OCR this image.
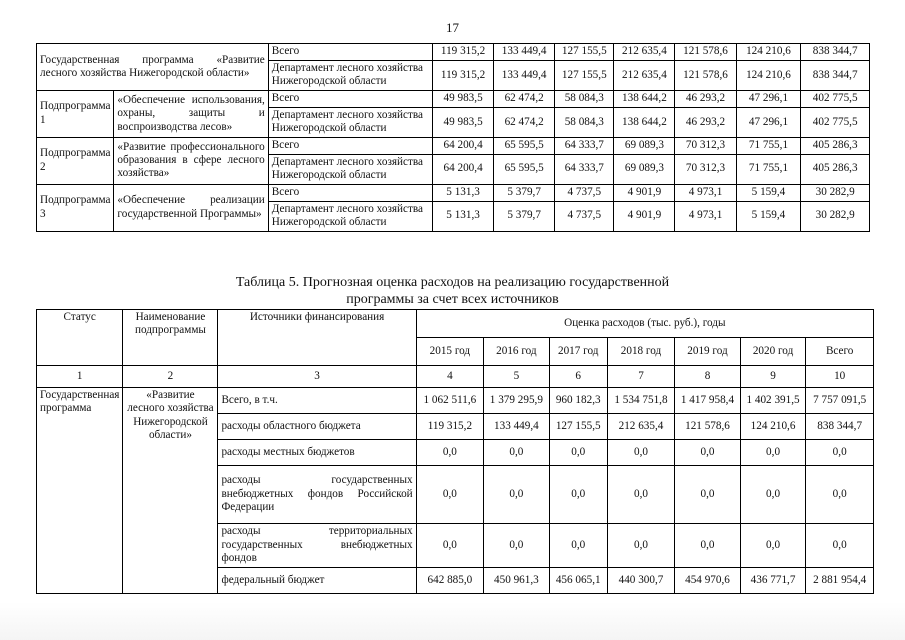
17
Государственная программа «Развитие лесного хозяйства Нижегородской области»		Всего	119 315,2	133 449,4	127 155,5	212 635,4	121 578,6	124 210,6	838 344,7
		Департамент лесного хозяйства Нижегородской области	119 315,2	133 449,4	127 155,5	212 635,4	121 578,6	124 210,6	838 344,7
Подпрограмма 1	«Обеспечение использования, охраны, защиты и воспроизводства лесов»	Всего	49 983,5	62 474,2	58 084,3	138 644,2	46 293,2	47 296,1	402 775,5
		Департамент лесного хозяйства Нижегородской области	49 983,5	62 474,2	58 084,3	138 644,2	46 293,2	47 296,1	402 775,5
Подпрограмма 2	«Развитие профессионального образования в сфере лесного хозяйства»	Всего	64 200,4	65 595,5	64 333,7	69 089,3	70 312,3	71 755,1	405 286,3
		Департамент лесного хозяйства Нижегородской области	64 200,4	65 595,5	64 333,7	69 089,3	70 312,3	71 755,1	405 286,3
Подпрограмма 3	«Обеспечение реализации государственной Программы»	Всего	5 131,3	5 379,7	4 737,5	4 901,9	4 973,1	5 159,4	30 282,9
		Департамент лесного хозяйства Нижегородской области	5 131,3	5 379,7	4 737,5	4 901,9	4 973,1	5 159,4	30 282,9
Таблица 5. Прогнозная оценка расходов на реализацию государственной
программы за счет всех источников
Статус	Наименование подпрограммы	Источники финансирования	Оценка расходов (тыс. руб.), годы						
			2015 год	2016 год	2017 год	2018 год	2019 год	2020 год	Всего
1	2	3	4	5	6	7	8	9	10
Государственная программа	«Развитие лесного хозяйства Нижегородской области»	Всего, в т.ч.	1 062 511,6	1 379 295,9	960 182,3	1 534 751,8	1 417 958,4	1 402 391,5	7 757 091,5
		расходы областного бюджета	119 315,2	133 449,4	127 155,5	212 635,4	121 578,6	124 210,6	838 344,7
		расходы местных бюджетов	0,0	0,0	0,0	0,0	0,0	0,0	0,0
		расходы государственных внебюджетных фондов Российской Федерации	0,0	0,0	0,0	0,0	0,0	0,0	0,0
		расходы территориальных государственных внебюджетных фондов	0,0	0,0	0,0	0,0	0,0	0,0	0,0
		федеральный бюджет	642 885,0	450 961,3	456 065,1	440 300,7	454 970,6	436 771,7	2 881 954,4
